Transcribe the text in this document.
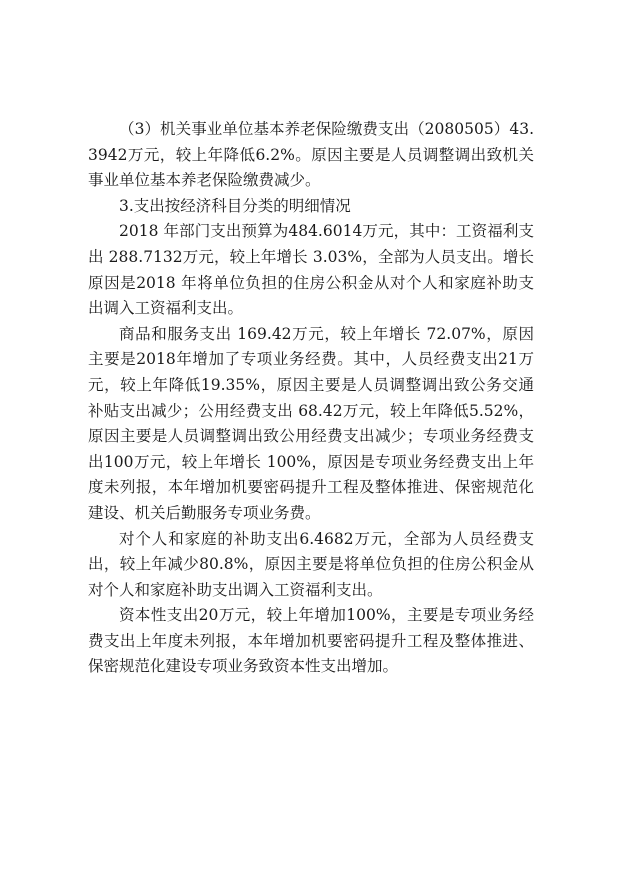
（3）机关事业单位基本养老保险缴费支出（2080505）43.3942万元，较上年降低6.2%。原因主要是人员调整调出致机关事业单位基本养老保险缴费减少。

3.支出按经济科目分类的明细情况

2018 年部门支出预算为484.6014万元，其中：工资福利支出 288.7132万元，较上年增长 3.03%，全部为人员支出。增长原因是2018 年将单位负担的住房公积金从对个人和家庭补助支出调入工资福利支出。

商品和服务支出 169.42万元，较上年增长 72.07%，原因主要是2018年增加了专项业务经费。其中，人员经费支出21万元，较上年降低19.35%，原因主要是人员调整调出致公务交通补贴支出减少；公用经费支出 68.42万元，较上年降低5.52%，原因主要是人员调整调出致公用经费支出减少；专项业务经费支出100万元，较上年增长 100%，原因是专项业务经费支出上年度未列报，本年增加机要密码提升工程及整体推进、保密规范化建设、机关后勤服务专项业务费。

对个人和家庭的补助支出6.4682万元，全部为人员经费支出，较上年减少80.8%，原因主要是将单位负担的住房公积金从对个人和家庭补助支出调入工资福利支出。

资本性支出20万元，较上年增加100%，主要是专项业务经费支出上年度未列报，本年增加机要密码提升工程及整体推进、保密规范化建设专项业务致资本性支出增加。
